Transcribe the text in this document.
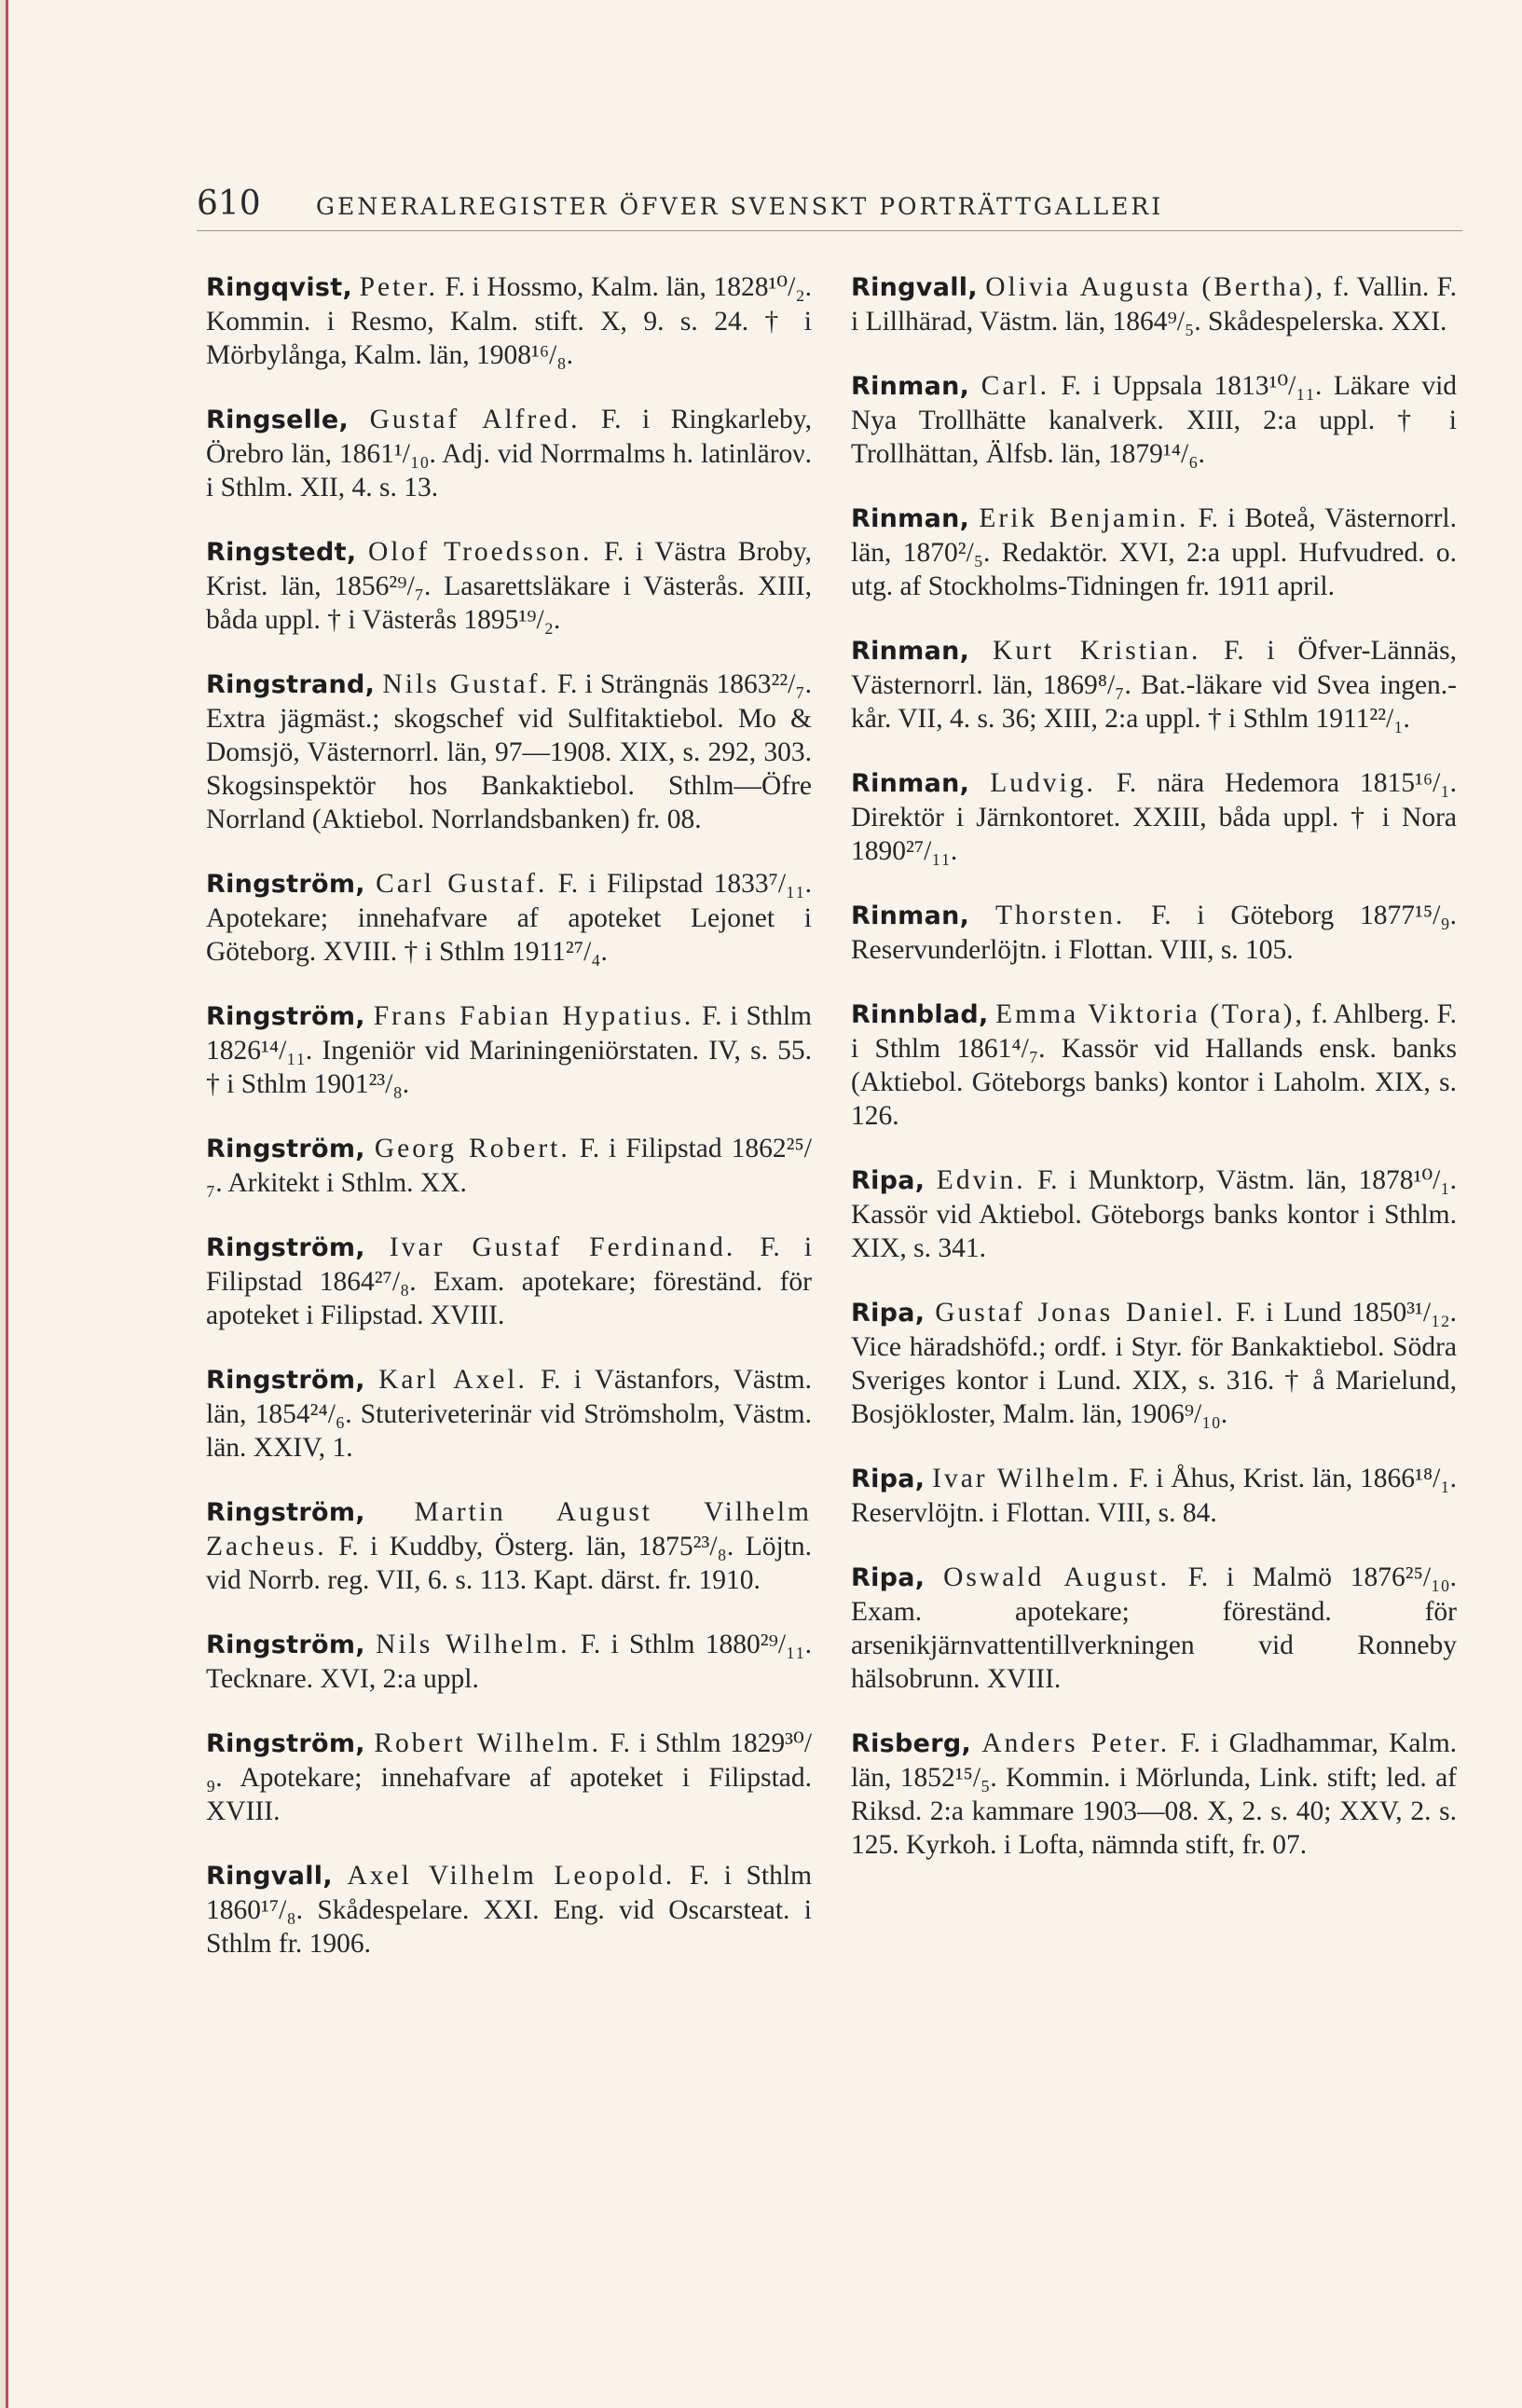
610	GENERALREGISTER ÖFVER SVENSKT PORTRÄTTGALLERI

Ringqvist, Peter. F. i Hossmo, Kalm. län, 1828¹⁰/₂. Kommin. i Resmo, Kalm. stift. X, 9. s. 24. † i Mörbylånga, Kalm. län, 1908¹⁶/₈.

Ringselle, Gustaf Alfred. F. i Ringkarleby, Örebro län, 1861¹/₁₀. Adj. vid Norrmalms h. latinläroν. i Sthlm. XII, 4. s. 13.

Ringstedt, Olof Troedsson. F. i Västra Broby, Krist. län, 1856²⁹/₇. Lasarettsläkare i Västerås. XIII, båda uppl. † i Västerås 1895¹⁹/₂.

Ringstrand, Nils Gustaf. F. i Strängnäs 1863²²/₇. Extra jägmäst.; skogschef vid Sulfitaktiebol. Mo & Domsjö, Västernorrl. län, 97—1908. XIX, s. 292, 303. Skogsinspektör hos Bankaktiebol. Sthlm—Öfre Norrland (Aktiebol. Norrlandsbanken) fr. 08.

Ringström, Carl Gustaf. F. i Filipstad 1833⁷/₁₁. Apotekare; innehafvare af apoteket Lejonet i Göteborg. XVIII. † i Sthlm 1911²⁷/₄.

Ringström, Frans Fabian Hypatius. F. i Sthlm 1826¹⁴/₁₁. Ingeniör vid Mariningeniörstaten. IV, s. 55. † i Sthlm 1901²³/₈.

Ringström, Georg Robert. F. i Filipstad 1862²⁵/₇. Arkitekt i Sthlm. XX.

Ringström, Ivar Gustaf Ferdinand. F. i Filipstad 1864²⁷/₈. Exam. apotekare; föreständ. för apoteket i Filipstad. XVIII.

Ringström, Karl Axel. F. i Västanfors, Västm. län, 1854²⁴/₆. Stuteriveterinär vid Strömsholm, Västm. län. XXIV, 1.

Ringström, Martin August Vilhelm Zacheus. F. i Kuddby, Österg. län, 1875²³/₈. Löjtn. vid Norrb. reg. VII, 6. s. 113. Kapt. därst. fr. 1910.

Ringström, Nils Wilhelm. F. i Sthlm 1880²⁹/₁₁. Tecknare. XVI, 2:a uppl.

Ringström, Robert Wilhelm. F. i Sthlm 1829³⁰/₉. Apotekare; innehafvare af apoteket i Filipstad. XVIII.

Ringvall, Axel Vilhelm Leopold. F. i Sthlm 1860¹⁷/₈. Skådespelare. XXI. Eng. vid Oscarsteat. i Sthlm fr. 1906.

Ringvall, Olivia Augusta (Bertha), f. Vallin. F. i Lillhärad, Västm. län, 1864⁹/₅. Skådespelerska. XXI.

Rinman, Carl. F. i Uppsala 1813¹⁰/₁₁. Läkare vid Nya Trollhätte kanalverk. XIII, 2:a uppl. † i Trollhättan, Älfsb. län, 1879¹⁴/₆.

Rinman, Erik Benjamin. F. i Boteå, Västernorrl. län, 1870²/₅. Redaktör. XVI, 2:a uppl. Hufvudred. o. utg. af Stockholms-Tidningen fr. 1911 april.

Rinman, Kurt Kristian. F. i Öfver-Lännäs, Västernorrl. län, 1869⁸/₇. Bat.-läkare vid Svea ingen.-kår. VII, 4. s. 36; XIII, 2:a uppl. † i Sthlm 1911²²/₁.

Rinman, Ludvig. F. nära Hedemora 1815¹⁶/₁. Direktör i Järnkontoret. XXIII, båda uppl. † i Nora 1890²⁷/₁₁.

Rinman, Thorsten. F. i Göteborg 1877¹⁵/₉. Reservunderlöjtn. i Flottan. VIII, s. 105.

Rinnblad, Emma Viktoria (Tora), f. Ahlberg. F. i Sthlm 1861⁴/₇. Kassör vid Hallands ensk. banks (Aktiebol. Göteborgs banks) kontor i Laholm. XIX, s. 126.

Ripa, Edvin. F. i Munktorp, Västm. län, 1878¹⁰/₁. Kassör vid Aktiebol. Göteborgs banks kontor i Sthlm. XIX, s. 341.

Ripa, Gustaf Jonas Daniel. F. i Lund 1850³¹/₁₂. Vice häradshöfd.; ordf. i Styr. för Bankaktiebol. Södra Sveriges kontor i Lund. XIX, s. 316. † å Marielund, Bosjökloster, Malm. län, 1906⁹/₁₀.

Ripa, Ivar Wilhelm. F. i Åhus, Krist. län, 1866¹⁸/₁. Reservlöjtn. i Flottan. VIII, s. 84.

Ripa, Oswald August. F. i Malmö 1876²⁵/₁₀. Exam. apotekare; föreständ. för arsenikjärnvattentillverkningen vid Ronneby hälsobrunn. XVIII.

Risberg, Anders Peter. F. i Gladhammar, Kalm. län, 1852¹⁵/₅. Kommin. i Mörlunda, Link. stift; led. af Riksd. 2:a kammare 1903—08. X, 2. s. 40; XXV, 2. s. 125. Kyrkoh. i Lofta, nämnda stift, fr. 07.
